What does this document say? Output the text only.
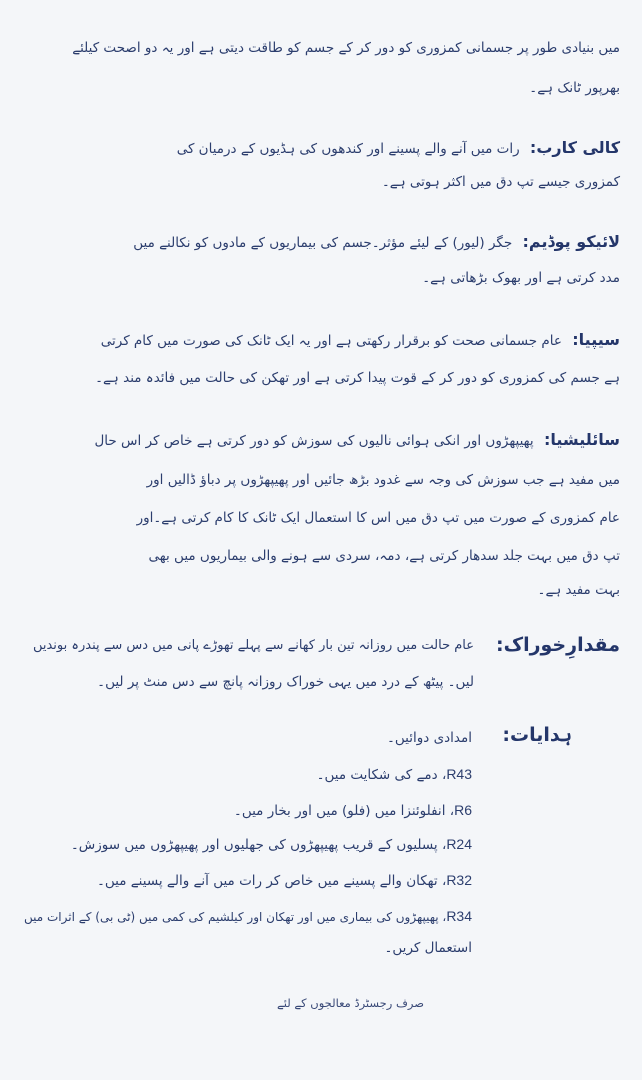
میں بنیادی طور پر جسمانی کمزوری کو دور کر کے جسم کو طاقت دیتی ہے اور یہ دو اصحت کیلئے
بھرپور ٹانک ہے۔
کالی کارب: رات میں آنے والے پسینے اور کندھوں کی ہڈیوں کے درمیان کی
کمزوری جیسے تپ دق میں اکثر ہوتی ہے۔
لائیکو پوڈیم: جگر (لیور) کے لیئے مؤثر۔جسم کی بیماریوں کے مادوں کو نکالنے میں
مدد کرتی ہے اور بھوک بڑھاتی ہے۔
سیپیا: عام جسمانی صحت کو برقرار رکھتی ہے اور یہ ایک ٹانک کی صورت میں کام کرتی
ہے جسم کی کمزوری کو دور کر کے قوت پیدا کرتی ہے اور تھکن کی حالت میں فائدہ مند ہے۔
سائلیشیا: پھیپھڑوں اور انکی ہوائی نالیوں کی سوزش کو دور کرتی ہے خاص کر اس حال
میں مفید ہے جب سوزش کی وجہ سے غدود بڑھ جائیں اور پھیپھڑوں پر دباؤ ڈالیں اور
عام کمزوری کے صورت میں تپ دق میں اس کا استعمال ایک ٹانک کا کام کرتی ہے۔اور
تپ دق میں بہت جلد سدھار کرتی ہے، دمہ، سردی سے ہونے والی بیماریوں میں بھی
بہت مفید ہے۔
مقدارِخوراک:
عام حالت میں روزانہ تین بار کھانے سے پہلے تھوڑے پانی میں دس سے پندرہ بوندیں
لیں۔ پیٹھ کے درد میں یہی خوراک روزانہ پانچ سے دس منٹ پر لیں۔
ہدایات:
امدادی دوائیں۔
R43، دمے کی شکایت میں۔
R6، انفلوئنزا میں (فلو) میں اور بخار میں۔
R24، پسلیوں کے قریب پھیپھڑوں کی جھلیوں اور پھیپھڑوں میں سوزش۔
R32، تھکان والے پسینے میں خاص کر رات میں آنے والے پسینے میں۔
R34، پھیپھڑوں کی بیماری میں اور تھکان اور کیلشیم کی کمی میں (ٹی بی) کے اثرات میں
استعمال کریں۔
صرف رجسٹرڈ معالجوں کے لئے
